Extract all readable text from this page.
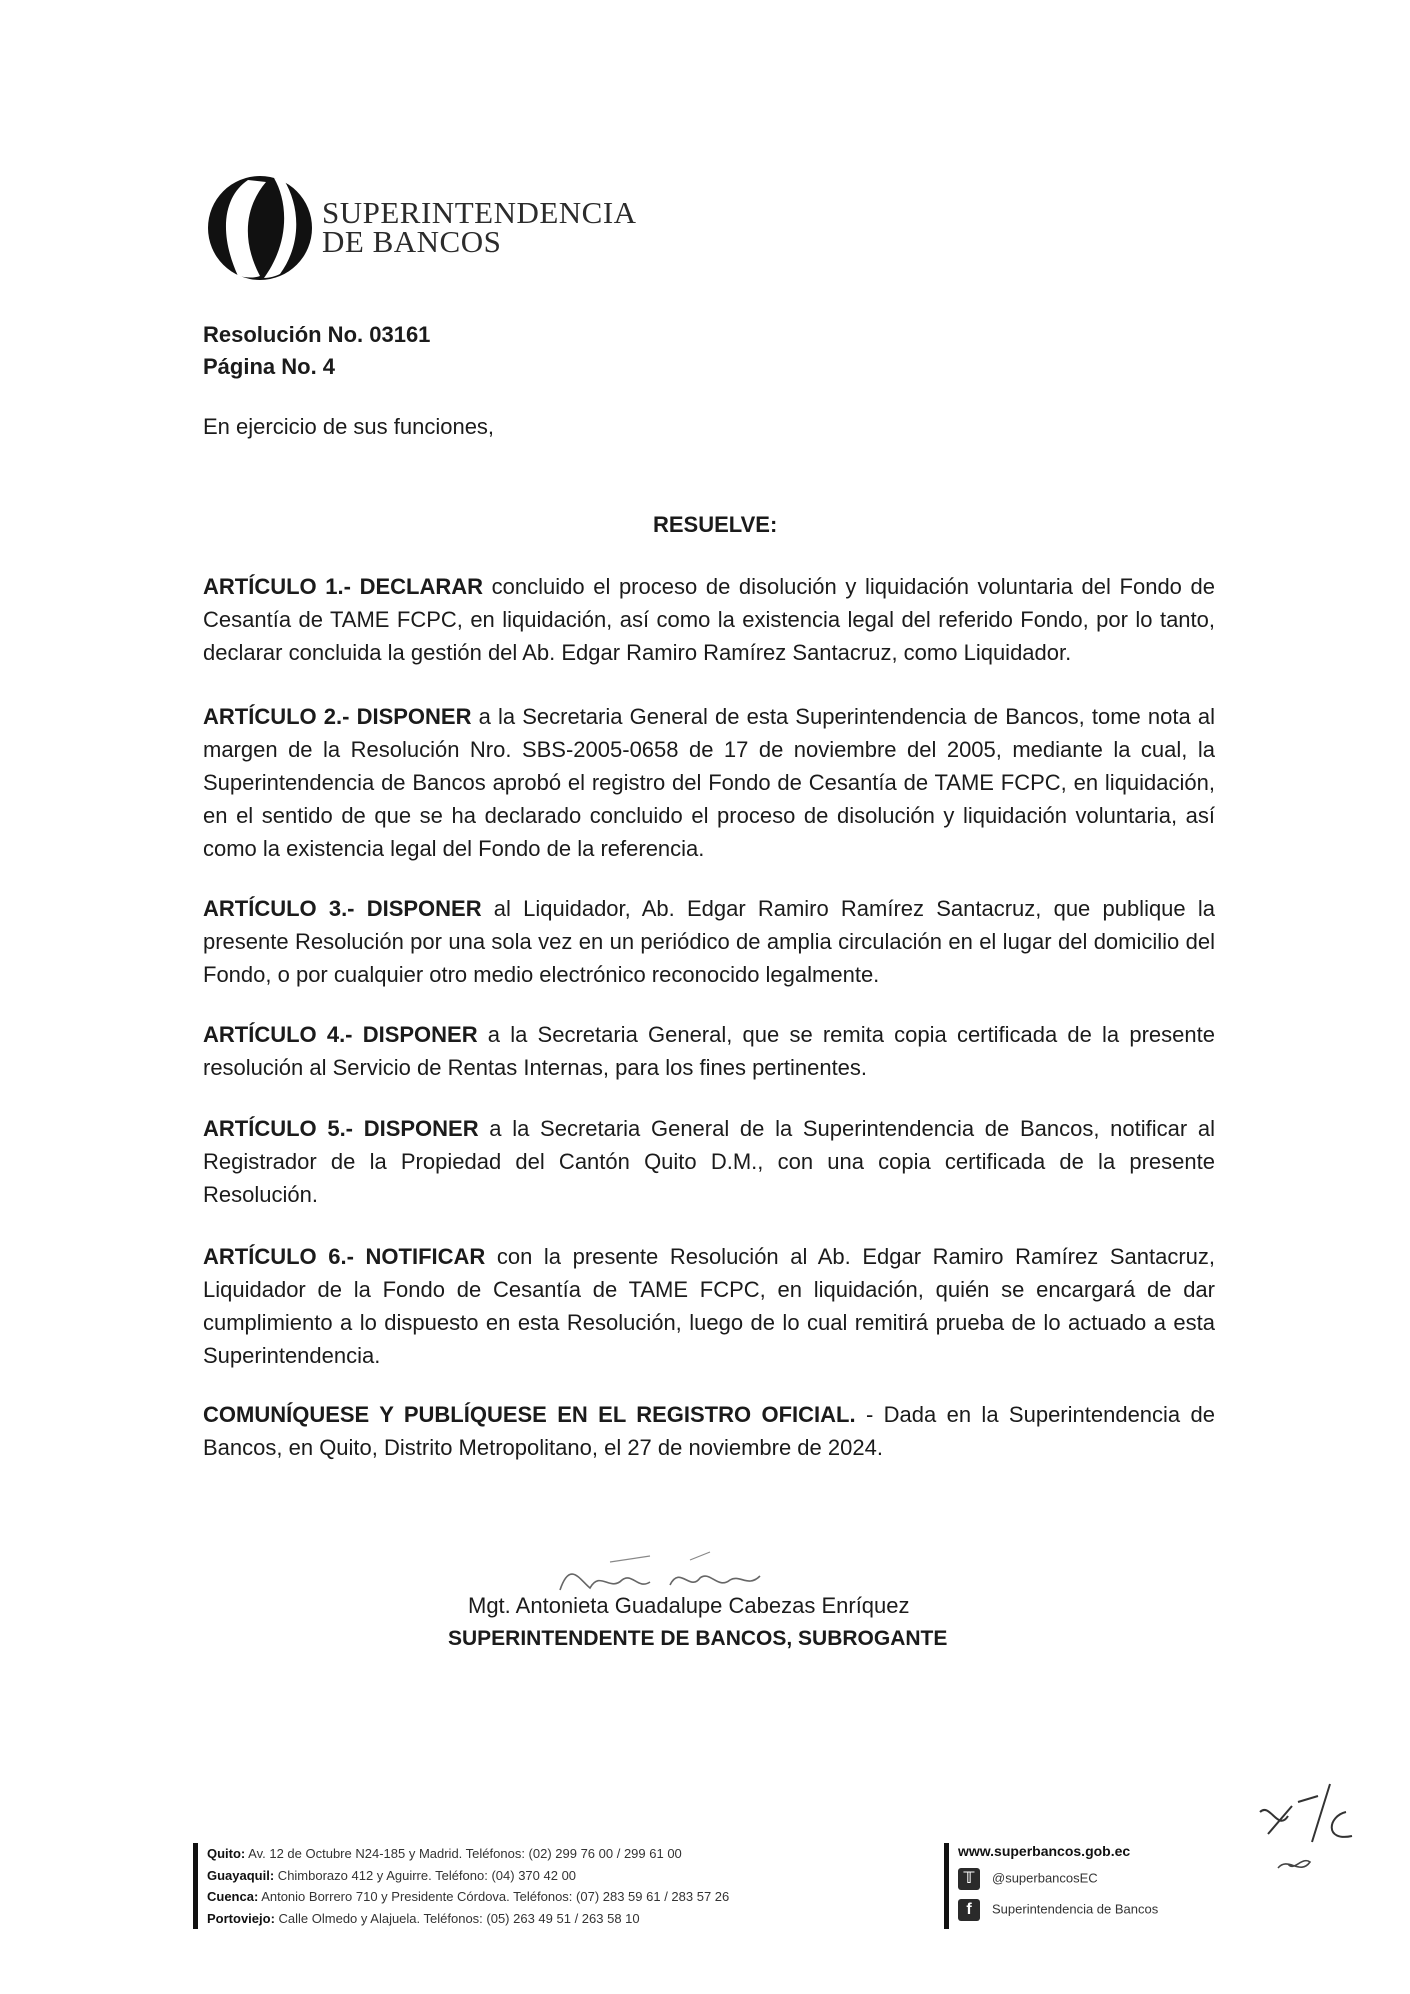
SUPERINTENDENCIA
DE BANCOS
Resolución No. 03161
Página No. 4
En ejercicio de sus funciones,
RESUELVE:

ARTÍCULO 1.- DECLARAR concluido el proceso de disolución y liquidación voluntaria del Fondo de Cesantía de TAME FCPC, en liquidación, así como la existencia legal del referido Fondo, por lo tanto, declarar concluida la gestión del Ab. Edgar Ramiro Ramírez Santacruz, como Liquidador.

ARTÍCULO 2.- DISPONER a la Secretaria General de esta Superintendencia de Bancos, tome nota al margen de la Resolución Nro. SBS-2005-0658 de 17 de noviembre del 2005, mediante la cual, la Superintendencia de Bancos aprobó el registro del Fondo de Cesantía de TAME FCPC, en liquidación, en el sentido de que se ha declarado concluido el proceso de disolución y liquidación voluntaria, así como la existencia legal del Fondo de la referencia.

ARTÍCULO 3.- DISPONER al Liquidador, Ab. Edgar Ramiro Ramírez Santacruz, que publique la presente Resolución por una sola vez en un periódico de amplia circulación en el lugar del domicilio del Fondo, o por cualquier otro medio electrónico reconocido legalmente.

ARTÍCULO 4.- DISPONER a la Secretaria General, que se remita copia certificada de la presente resolución al Servicio de Rentas Internas, para los fines pertinentes.

ARTÍCULO 5.- DISPONER a la Secretaria General de la Superintendencia de Bancos, notificar al Registrador de la Propiedad del Cantón Quito D.M., con una copia certificada de la presente Resolución.

ARTÍCULO 6.- NOTIFICAR con la presente Resolución al Ab. Edgar Ramiro Ramírez Santacruz, Liquidador de la Fondo de Cesantía de TAME FCPC, en liquidación, quién se encargará de dar cumplimiento a lo dispuesto en esta Resolución, luego de lo cual remitirá prueba de lo actuado a esta Superintendencia.

COMUNÍQUESE Y PUBLÍQUESE EN EL REGISTRO OFICIAL. - Dada en la Superintendencia de Bancos, en Quito, Distrito Metropolitano, el 27 de noviembre de 2024.

Mgt. Antonieta Guadalupe Cabezas Enríquez
SUPERINTENDENTE DE BANCOS, SUBROGANTE
Quito: Av. 12 de Octubre N24-185 y Madrid. Teléfonos: (02) 299 76 00 / 299 61 00
Guayaquil: Chimborazo 412 y Aguirre. Teléfono: (04) 370 42 00
Cuenca: Antonio Borrero 710 y Presidente Córdova. Teléfonos: (07) 283 59 61 / 283 57 26
Portoviejo: Calle Olmedo y Alajuela. Teléfonos: (05) 263 49 51 / 263 58 10
www.superbancos.gob.ec
𝕋 @superbancosEC
f Superintendencia de Bancos
